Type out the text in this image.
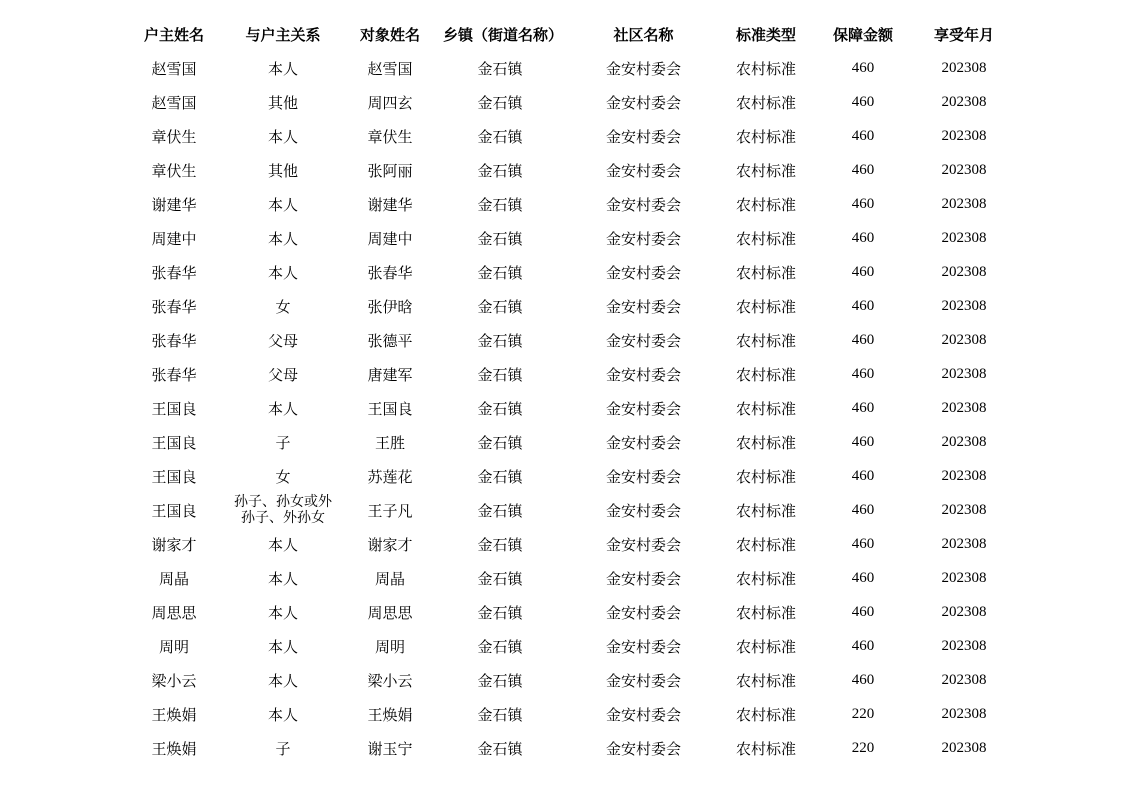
户主姓名	与户主关系	对象姓名	乡镇（街道名称）	社区名称	标准类型	保障金额	享受年月
赵雪国	本人	赵雪国	金石镇	金安村委会	农村标准	460	202308
赵雪国	其他	周四玄	金石镇	金安村委会	农村标准	460	202308
章伏生	本人	章伏生	金石镇	金安村委会	农村标准	460	202308
章伏生	其他	张阿丽	金石镇	金安村委会	农村标准	460	202308
谢建华	本人	谢建华	金石镇	金安村委会	农村标准	460	202308
周建中	本人	周建中	金石镇	金安村委会	农村标准	460	202308
张春华	本人	张春华	金石镇	金安村委会	农村标准	460	202308
张春华	女	张伊晗	金石镇	金安村委会	农村标准	460	202308
张春华	父母	张德平	金石镇	金安村委会	农村标准	460	202308
张春华	父母	唐建军	金石镇	金安村委会	农村标准	460	202308
王国良	本人	王国良	金石镇	金安村委会	农村标准	460	202308
王国良	子	王胜	金石镇	金安村委会	农村标准	460	202308
王国良	女	苏莲花	金石镇	金安村委会	农村标准	460	202308
王国良	孙子、孙女或外孙子、外孙女	王子凡	金石镇	金安村委会	农村标准	460	202308
谢家才	本人	谢家才	金石镇	金安村委会	农村标准	460	202308
周晶	本人	周晶	金石镇	金安村委会	农村标准	460	202308
周思思	本人	周思思	金石镇	金安村委会	农村标准	460	202308
周明	本人	周明	金石镇	金安村委会	农村标准	460	202308
梁小云	本人	梁小云	金石镇	金安村委会	农村标准	460	202308
王焕娟	本人	王焕娟	金石镇	金安村委会	农村标准	220	202308
王焕娟	子	谢玉宁	金石镇	金安村委会	农村标准	220	202308
